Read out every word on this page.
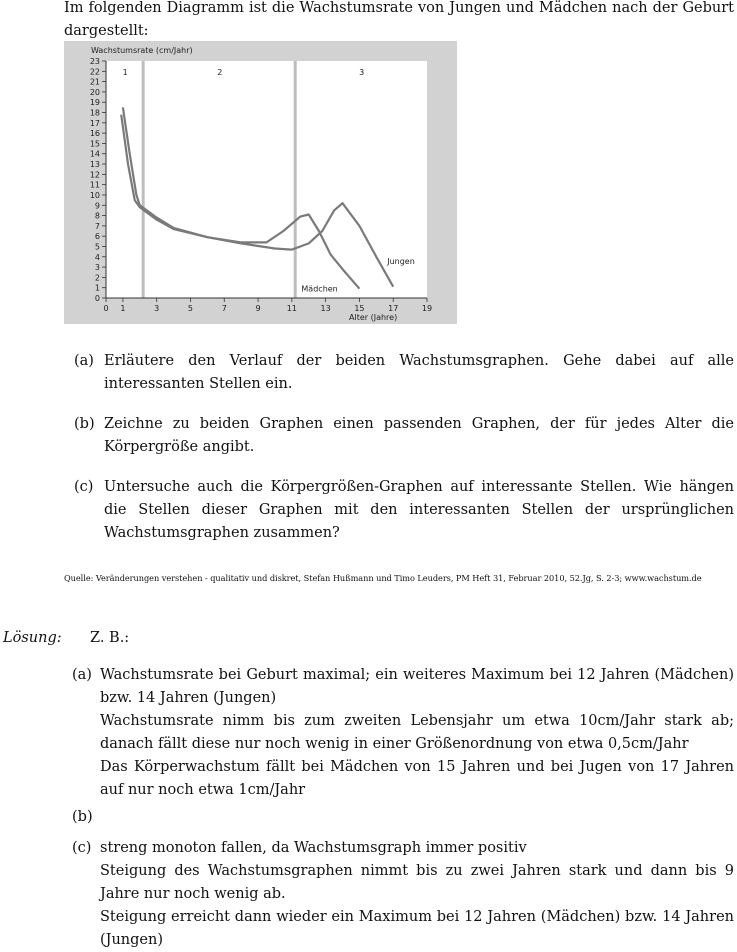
Im folgenden Diagramm ist die Wachstumsrate von Jungen und Mädchen nach der Geburt dargestellt:
1	2	3
0
1
2
3
4
5
6
7
8
9
10
11
12
13
14
15
16
17
18
19
20
21
22
23
0 1	3	5	7	9	11	13	15	17	19
Jungen
Mädchen
Wachstumsrate (cm/Jahr)
Alter (Jahre)
(a) Erläutere den Verlauf der beiden Wachstumsgraphen. Gehe dabei auf alle interessanten Stellen ein.
(b) Zeichne zu beiden Graphen einen passenden Graphen, der für jedes Alter die Körpergröße angibt.
(c) Untersuche auch die Körpergrößen-Graphen auf interessante Stellen. Wie hängen die Stellen dieser Graphen mit den interessanten Stellen der ursprünglichen Wachstumsgraphen zusammen?
Quelle: Veränderungen verstehen - qualitativ und diskret, Stefan Hußmann und Timo Leuders, PM Heft 31, Februar 2010, 52.Jg, S. 2-3; www.wachstum.de
Lösung: Z. B.:
(a) Wachstumsrate bei Geburt maximal; ein weiteres Maximum bei 12 Jahren (Mädchen) bzw. 14 Jahren (Jungen)
Wachstumsrate nimm bis zum zweiten Lebensjahr um etwa 10cm/Jahr stark ab; danach fällt diese nur noch wenig in einer Größenordnung von etwa 0,5cm/Jahr
Das Körperwachstum fällt bei Mädchen von 15 Jahren und bei Jugen von 17 Jahren auf nur noch etwa 1cm/Jahr
(b)
(c) streng monoton fallen, da Wachstumsgraph immer positiv
Steigung des Wachstumsgraphen nimmt bis zu zwei Jahren stark und dann bis 9 Jahre nur noch wenig ab.
Steigung erreicht dann wieder ein Maximum bei 12 Jahren (Mädchen) bzw. 14 Jahren (Jungen)
